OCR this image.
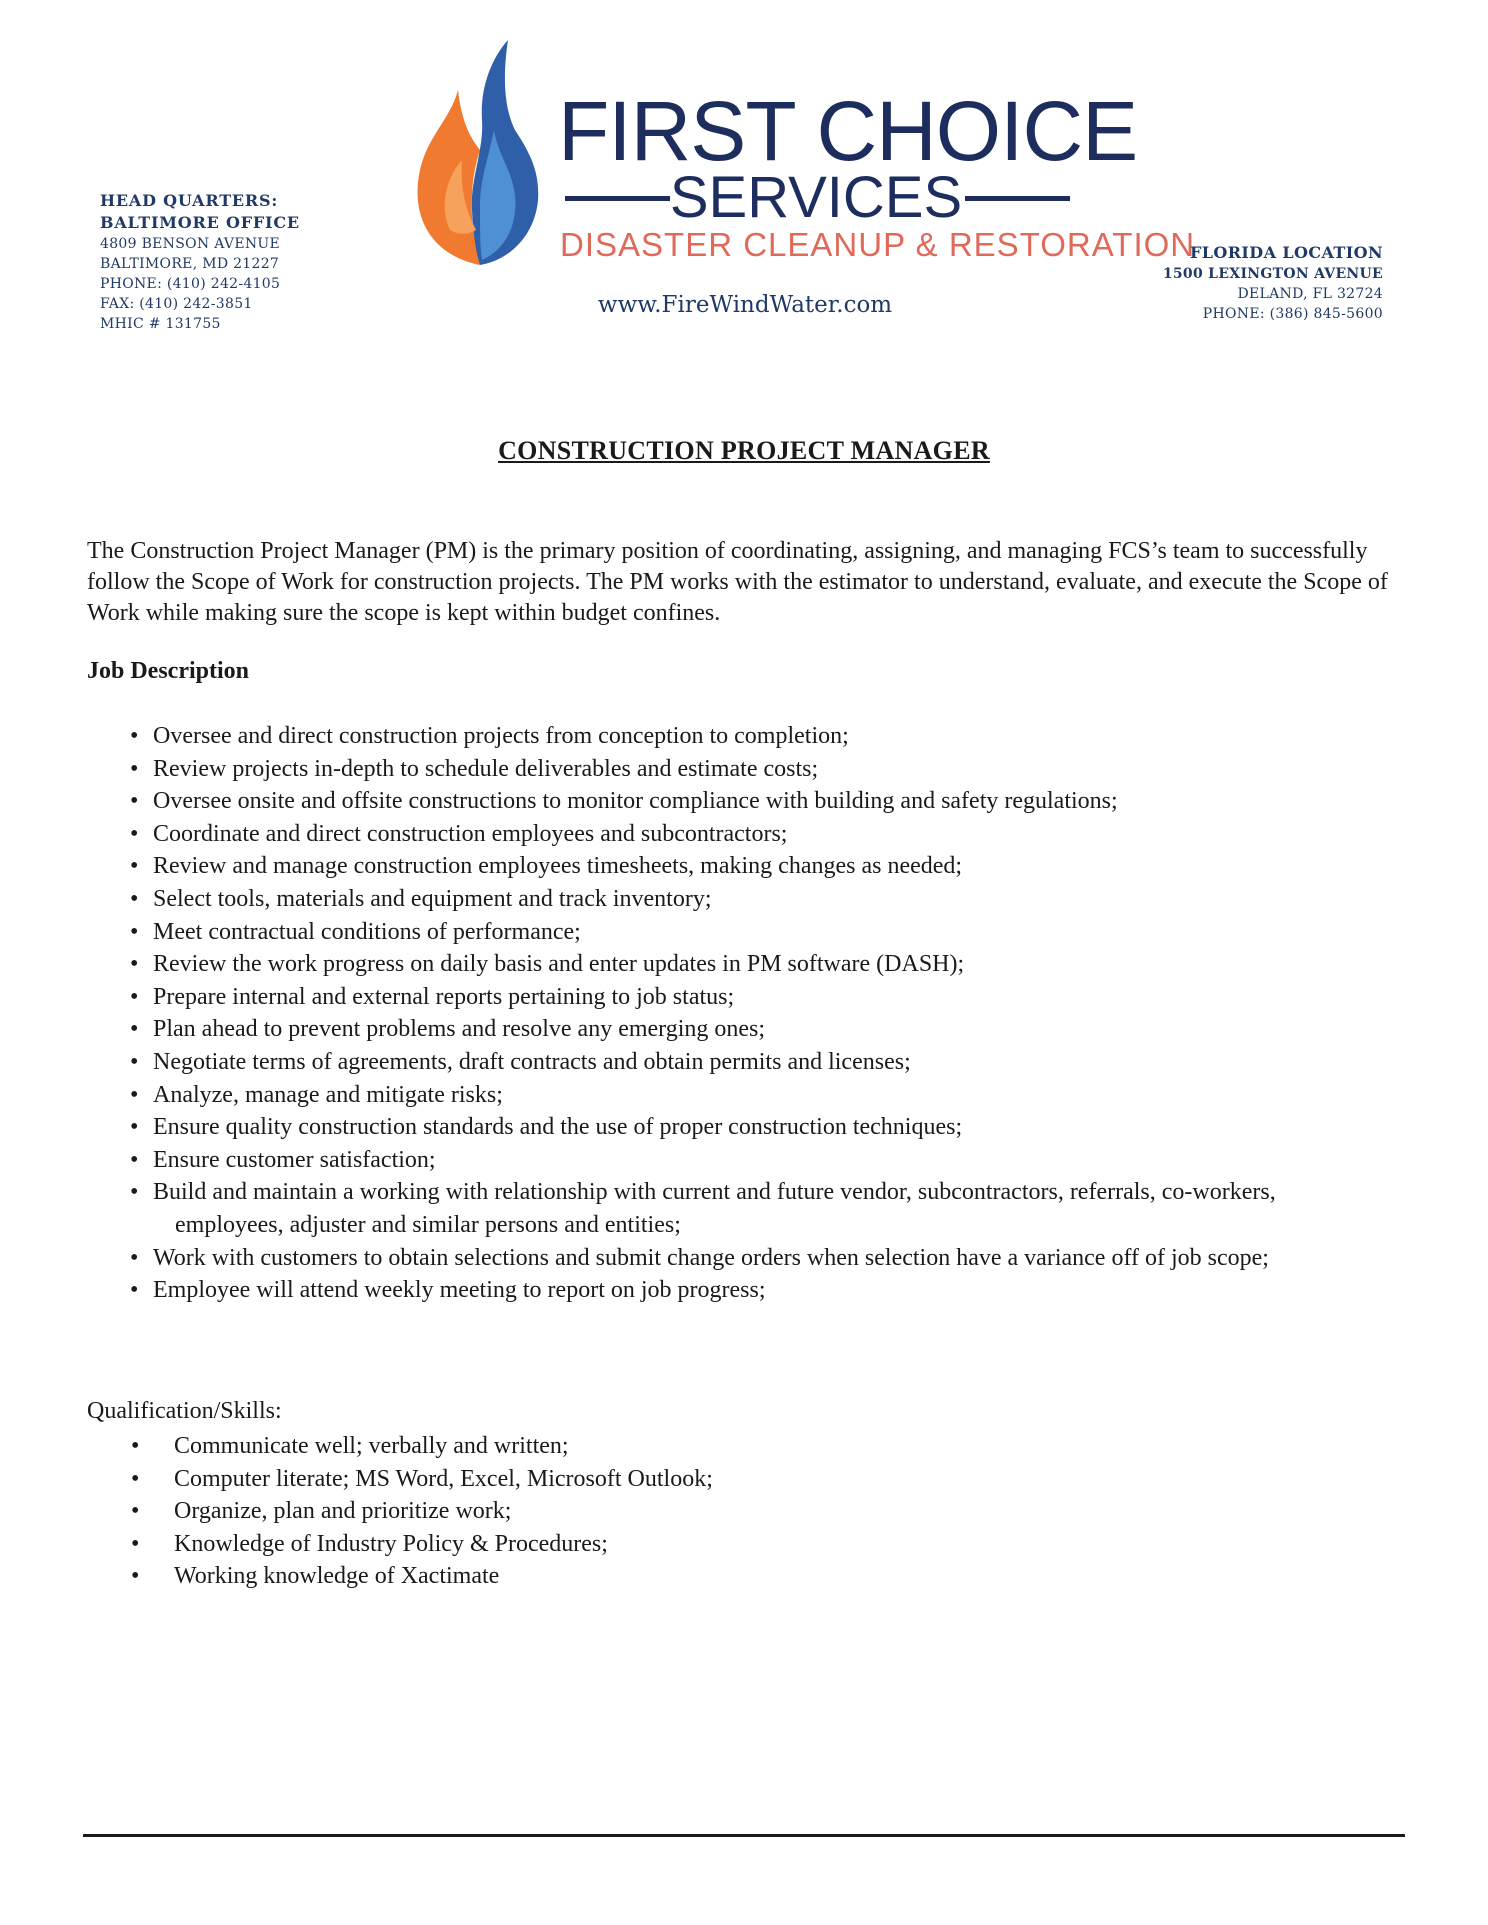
HEAD QUARTERS:
BALTIMORE OFFICE
4809 BENSON AVENUE
BALTIMORE, MD 21227
PHONE: (410) 242-4105
FAX: (410) 242-3851
MHIC # 131755
FIRST CHOICE
SERVICES
DISASTER CLEANUP & RESTORATION
www.FireWindWater.com
FLORIDA LOCATION
1500 LEXINGTON AVENUE
DELAND, FL 32724
PHONE: (386) 845-5600
CONSTRUCTION PROJECT MANAGER

The Construction Project Manager (PM) is the primary position of coordinating, assigning, and managing FCS’s team to successfully follow the Scope of Work for construction projects. The PM works with the estimator to understand, evaluate, and execute the Scope of Work while making sure the scope is kept within budget confines.

Job Description
• Oversee and direct construction projects from conception to completion;
• Review projects in-depth to schedule deliverables and estimate costs;
• Oversee onsite and offsite constructions to monitor compliance with building and safety regulations;
• Coordinate and direct construction employees and subcontractors;
• Review and manage construction employees timesheets, making changes as needed;
• Select tools, materials and equipment and track inventory;
• Meet contractual conditions of performance;
• Review the work progress on daily basis and enter updates in PM software (DASH);
• Prepare internal and external reports pertaining to job status;
• Plan ahead to prevent problems and resolve any emerging ones;
• Negotiate terms of agreements, draft contracts and obtain permits and licenses;
• Analyze, manage and mitigate risks;
• Ensure quality construction standards and the use of proper construction techniques;
• Ensure customer satisfaction;
• Build and maintain a working with relationship with current and future vendor, subcontractors, referrals, co-workers,
employees, adjuster and similar persons and entities;
• Work with customers to obtain selections and submit change orders when selection have a variance off of job scope;
• Employee will attend weekly meeting to report on job progress;
Qualification/Skills:
• Communicate well; verbally and written;
• Computer literate; MS Word, Excel, Microsoft Outlook;
• Organize, plan and prioritize work;
• Knowledge of Industry Policy & Procedures;
• Working knowledge of Xactimate
